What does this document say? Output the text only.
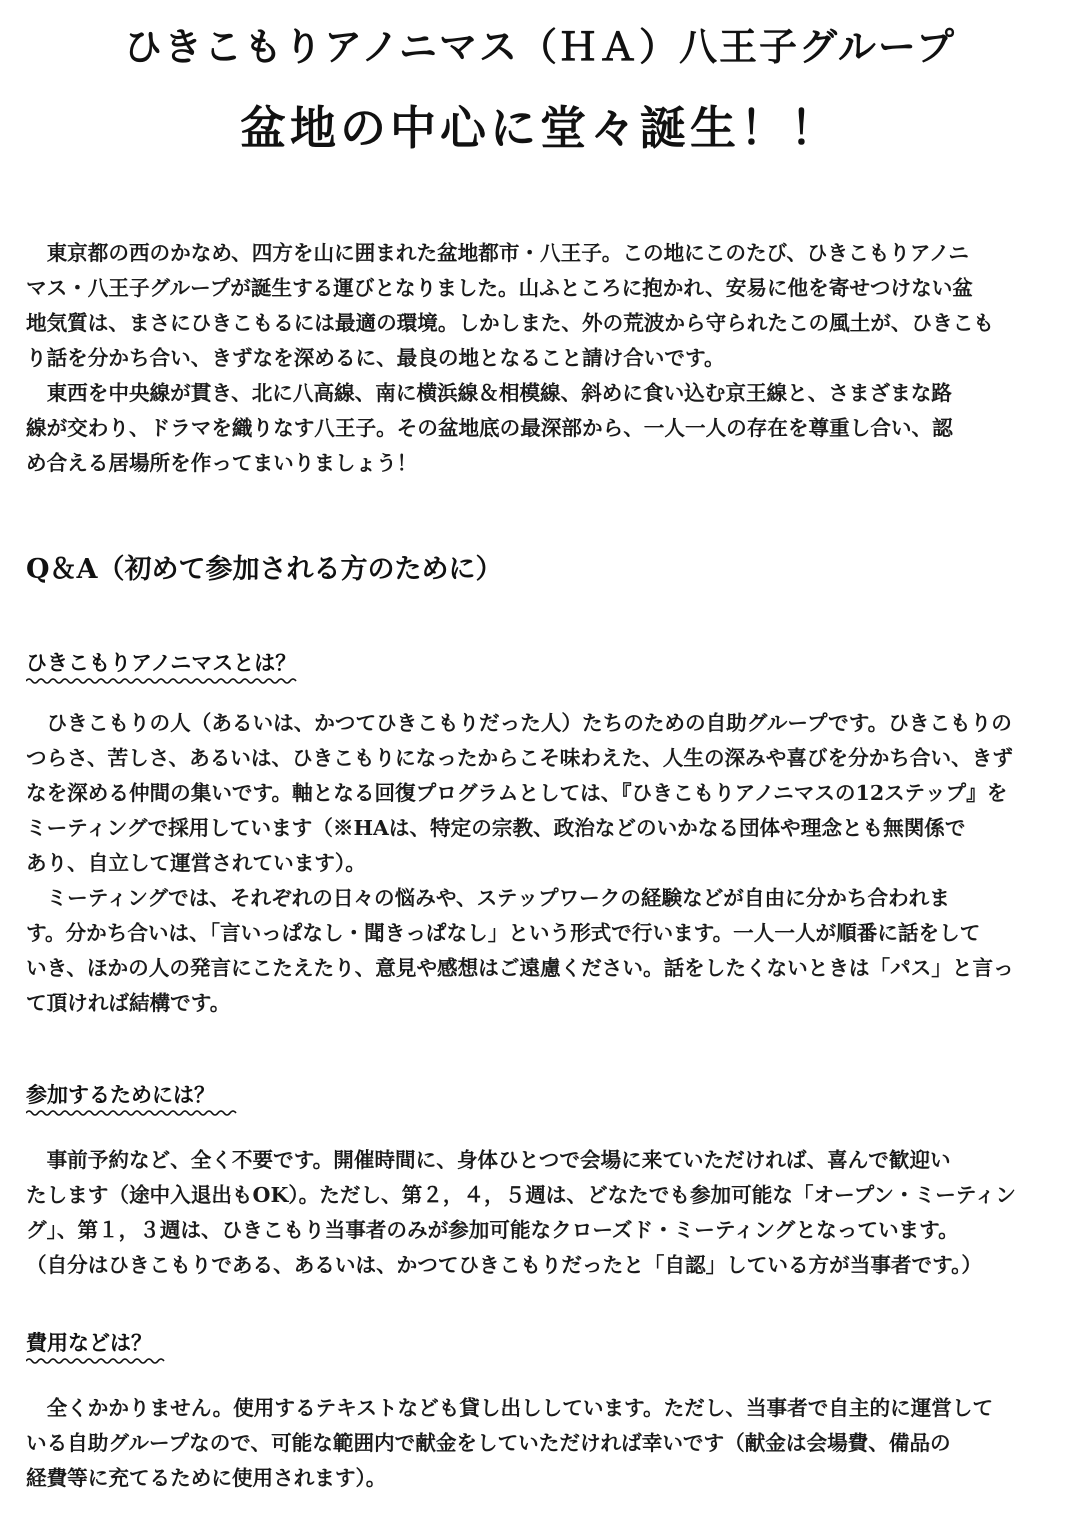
ひきこもりアノニマス（ＨＡ）八王子グループ
盆地の中心に堂々誕生！！
　東京都の西のかなめ、四方を山に囲まれた盆地都市・八王子。この地にこのたび、ひきこもりアノニ
マス・八王子グループが誕生する運びとなりました。山ふところに抱かれ、安易に他を寄せつけない盆
地気質は、まさにひきこもるには最適の環境。しかしまた、外の荒波から守られたこの風土が、ひきこも
り話を分かち合い、きずなを深めるに、最良の地となること請け合いです。
　東西を中央線が貫き、北に八高線、南に横浜線＆相模線、斜めに食い込む京王線と、さまざまな路
線が交わり、ドラマを織りなす八王子。その盆地底の最深部から、一人一人の存在を尊重し合い、認
め合える居場所を作ってまいりましょう！
Q＆A（初めて参加される方のために）
ひきこもりアノニマスとは？
　ひきこもりの人（あるいは、かつてひきこもりだった人）たちのための自助グループです。ひきこもりの
つらさ、苦しさ、あるいは、ひきこもりになったからこそ味わえた、人生の深みや喜びを分かち合い、きず
なを深める仲間の集いです。軸となる回復プログラムとしては、『ひきこもりアノニマスの12ステップ』を
ミーティングで採用しています（※HAは、特定の宗教、政治などのいかなる団体や理念とも無関係で
あり、自立して運営されています）。
　ミーティングでは、それぞれの日々の悩みや、ステップワークの経験などが自由に分かち合われま
す。分かち合いは、「言いっぱなし・聞きっぱなし」という形式で行います。一人一人が順番に話をして
いき、ほかの人の発言にこたえたり、意見や感想はご遠慮ください。話をしたくないときは「パス」と言っ
て頂ければ結構です。
参加するためには？
　事前予約など、全く不要です。開催時間に、身体ひとつで会場に来ていただければ、喜んで歓迎い
たします（途中入退出もOK）。ただし、第２，４，５週は、どなたでも参加可能な「オープン・ミーティン
グ」、第１，３週は、ひきこもり当事者のみが参加可能なクローズド・ミーティングとなっています。
（自分はひきこもりである、あるいは、かつてひきこもりだったと「自認」している方が当事者です。）
費用などは？
　全くかかりません。使用するテキストなども貸し出ししています。ただし、当事者で自主的に運営して
いる自助グループなので、可能な範囲内で献金をしていただければ幸いです（献金は会場費、備品の
経費等に充てるために使用されます）。
